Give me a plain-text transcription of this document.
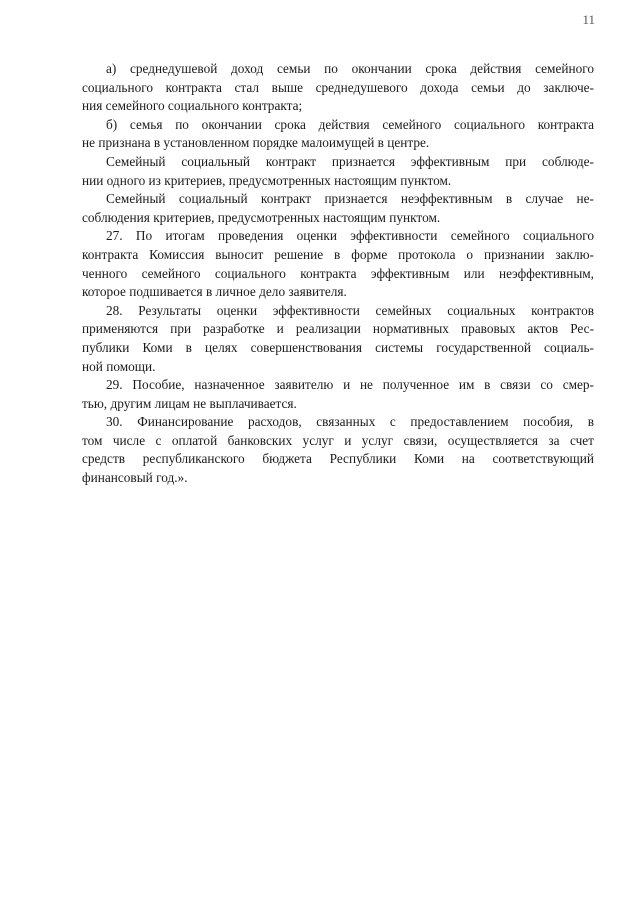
11
а) среднедушевой доход семьи по окончании срока действия семейного
социального контракта стал выше среднедушевого дохода семьи до заключе-
ния семейного социального контракта;
б) семья по окончании срока действия семейного социального контракта
не признана в установленном порядке малоимущей в центре.
Семейный социальный контракт признается эффективным при соблюде-
нии одного из критериев, предусмотренных настоящим пунктом.
Семейный социальный контракт признается неэффективным в случае не-
соблюдения критериев, предусмотренных настоящим пунктом.
27. По итогам проведения оценки эффективности семейного социального
контракта Комиссия выносит решение в форме протокола о признании заклю-
ченного семейного социального контракта эффективным или неэффективным,
которое подшивается в личное дело заявителя.
28. Результаты оценки эффективности семейных социальных контрактов
применяются при разработке и реализации нормативных правовых актов Рес-
публики Коми в целях совершенствования системы государственной социаль-
ной помощи.
29. Пособие, назначенное заявителю и не полученное им в связи со смер-
тью, другим лицам не выплачивается.
30. Финансирование расходов, связанных с предоставлением пособия, в
том числе с оплатой банковских услуг и услуг связи, осуществляется за счет
средств республиканского бюджета Республики Коми на соответствующий
финансовый год.».
